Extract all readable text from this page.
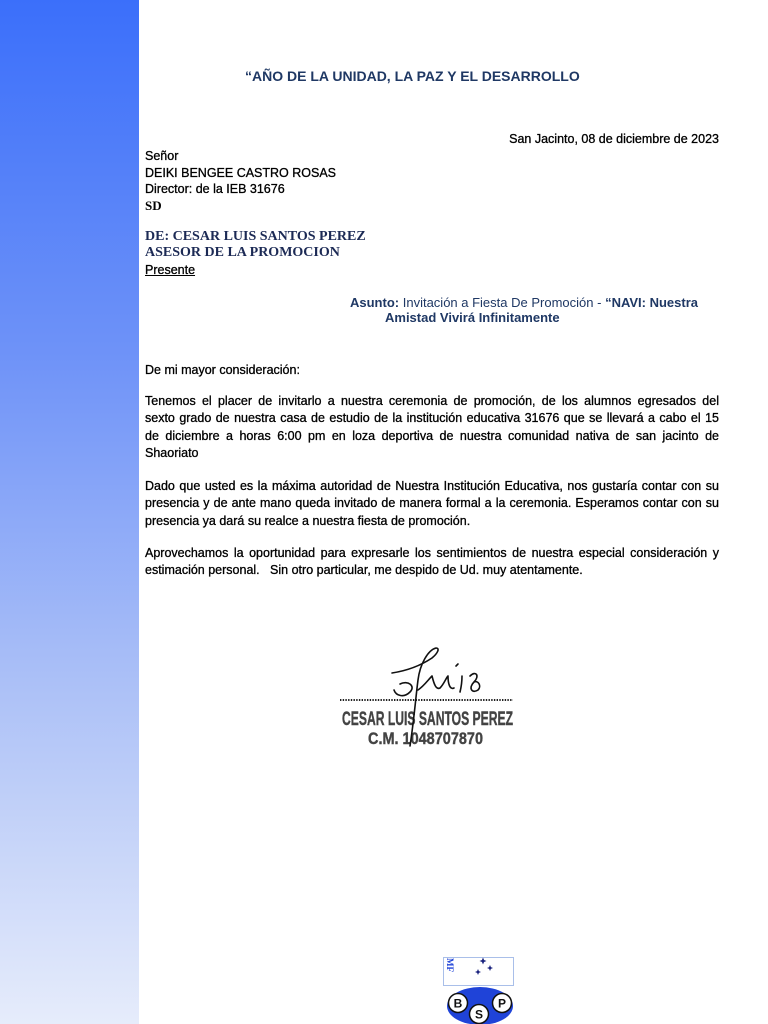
“AÑO DE LA UNIDAD, LA PAZ Y EL DESARROLLO
San Jacinto, 08 de diciembre de 2023
Señor
DEIKI BENGEE CASTRO ROSAS
Director: de la IEB 31676
SD
DE: CESAR LUIS SANTOS PEREZ
ASESOR DE LA PROMOCION
Presente
Asunto: Invitación a Fiesta De Promoción - “NAVI: Nuestra
Amistad Vivirá Infinitamente
De mi mayor consideración:
Tenemos el placer de invitarlo a nuestra ceremonia de promoción, de los alumnos egresados del
sexto grado de nuestra casa de estudio de la institución educativa 31676 que se llevará a cabo el 15
de diciembre a horas 6:00 pm en loza deportiva de nuestra comunidad nativa de san jacinto de
Shaoriato
Dado que usted es la máxima autoridad de Nuestra Institución Educativa, nos gustaría contar con su
presencia y de ante mano queda invitado de manera formal a la ceremonia. Esperamos contar con su
presencia ya dará su realce a nuestra fiesta de promoción.
Aprovechamos la oportunidad para expresarle los sentimientos de nuestra especial consideración y
estimación personal.   Sin otro particular, me despido de Ud. muy atentamente.
CESAR LUIS SANTOS PEREZ
C.M. 1048707870
MF
B
S
P
